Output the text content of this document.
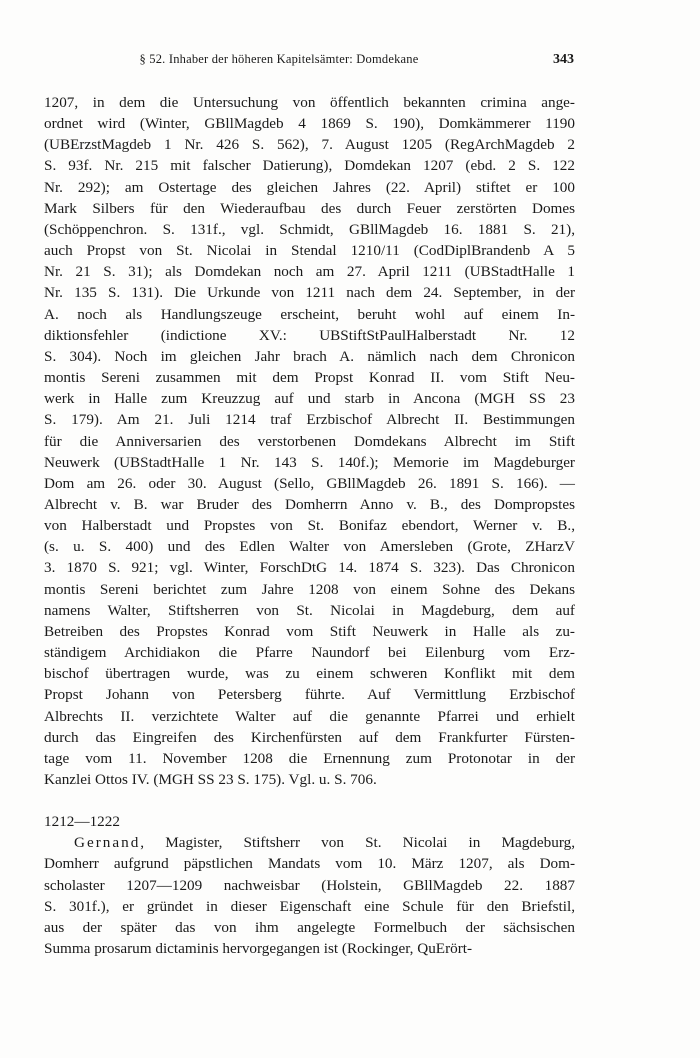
§ 52. Inhaber der höheren Kapitelsämter: Domdekane	343
1207, in dem die Untersuchung von öffentlich bekannten crimina ange-
ordnet wird (Winter, GBllMagdeb 4 1869 S. 190), Domkämmerer 1190
(UBErzstMagdeb 1 Nr. 426 S. 562), 7. August 1205 (RegArchMagdeb 2
S. 93f. Nr. 215 mit falscher Datierung), Domdekan 1207 (ebd. 2 S. 122
Nr. 292); am Ostertage des gleichen Jahres (22. April) stiftet er 100
Mark Silbers für den Wiederaufbau des durch Feuer zerstörten Domes
(Schöppenchron. S. 131f., vgl. Schmidt, GBllMagdeb 16. 1881 S. 21),
auch Propst von St. Nicolai in Stendal 1210/11 (CodDiplBrandenb A 5
Nr. 21 S. 31); als Domdekan noch am 27. April 1211 (UBStadtHalle 1
Nr. 135 S. 131). Die Urkunde von 1211 nach dem 24. September, in der
A. noch als Handlungszeuge erscheint, beruht wohl auf einem In-
diktionsfehler (indictione XV.: UBStiftStPaulHalberstadt Nr. 12
S. 304). Noch im gleichen Jahr brach A. nämlich nach dem Chronicon
montis Sereni zusammen mit dem Propst Konrad II. vom Stift Neu-
werk in Halle zum Kreuzzug auf und starb in Ancona (MGH SS 23
S. 179). Am 21. Juli 1214 traf Erzbischof Albrecht II. Bestimmungen
für die Anniversarien des verstorbenen Domdekans Albrecht im Stift
Neuwerk (UBStadtHalle 1 Nr. 143 S. 140f.); Memorie im Magdeburger
Dom am 26. oder 30. August (Sello, GBllMagdeb 26. 1891 S. 166). —
Albrecht v. B. war Bruder des Domherrn Anno v. B., des Dompropstes
von Halberstadt und Propstes von St. Bonifaz ebendort, Werner v. B.,
(s. u. S. 400) und des Edlen Walter von Amersleben (Grote, ZHarzV
3. 1870 S. 921; vgl. Winter, ForschDtG 14. 1874 S. 323). Das Chronicon
montis Sereni berichtet zum Jahre 1208 von einem Sohne des Dekans
namens Walter, Stiftsherren von St. Nicolai in Magdeburg, dem auf
Betreiben des Propstes Konrad vom Stift Neuwerk in Halle als zu-
ständigem Archidiakon die Pfarre Naundorf bei Eilenburg vom Erz-
bischof übertragen wurde, was zu einem schweren Konflikt mit dem
Propst Johann von Petersberg führte. Auf Vermittlung Erzbischof
Albrechts II. verzichtete Walter auf die genannte Pfarrei und erhielt
durch das Eingreifen des Kirchenfürsten auf dem Frankfurter Fürsten-
tage vom 11. November 1208 die Ernennung zum Protonotar in der
Kanzlei Ottos IV. (MGH SS 23 S. 175). Vgl. u. S. 706.
1212—1222
Gernand, Magister, Stiftsherr von St. Nicolai in Magdeburg,
Domherr aufgrund päpstlichen Mandats vom 10. März 1207, als Dom-
scholaster 1207—1209 nachweisbar (Holstein, GBllMagdeb 22. 1887
S. 301f.), er gründet in dieser Eigenschaft eine Schule für den Briefstil,
aus der später das von ihm angelegte Formelbuch der sächsischen
Summa prosarum dictaminis hervorgegangen ist (Rockinger, QuErört-
